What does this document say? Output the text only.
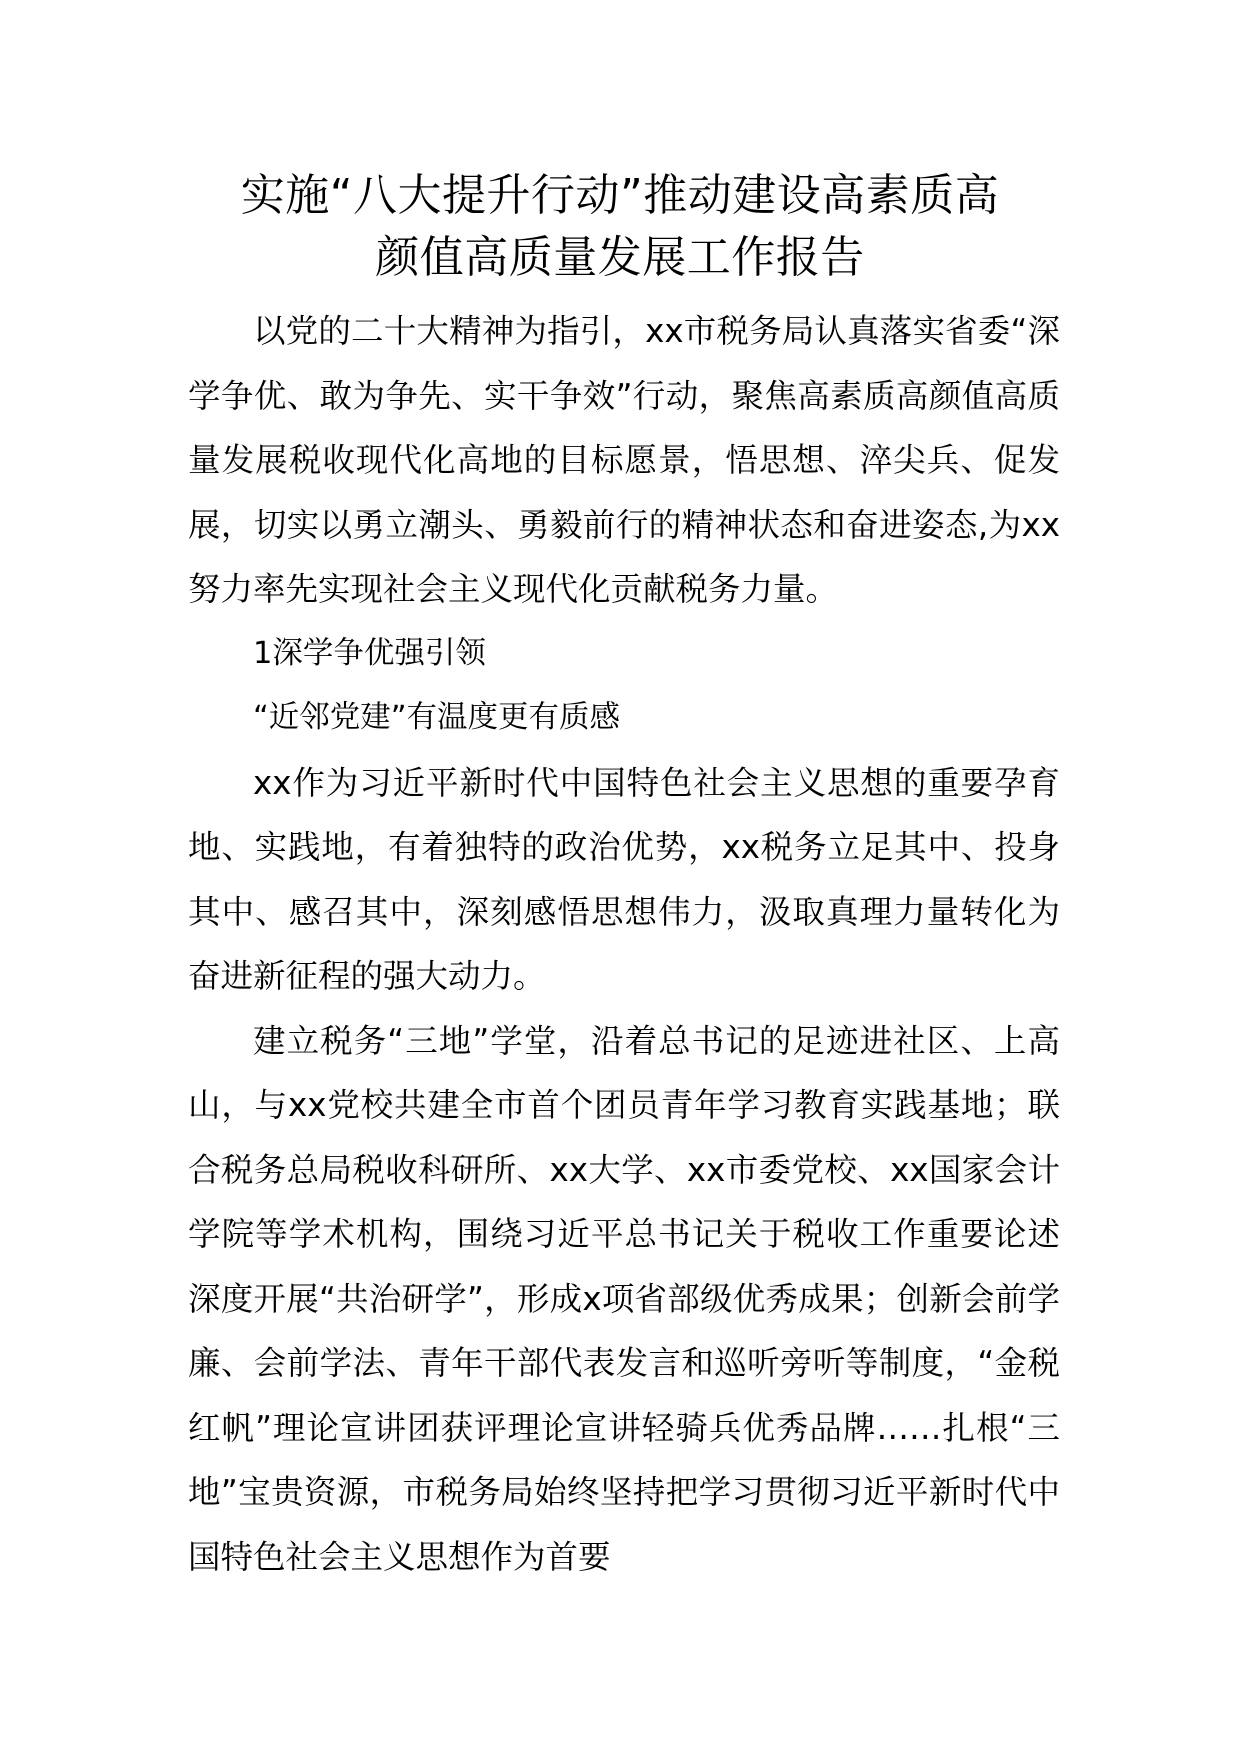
实施“八大提升行动”推动建设高素质高
颜值高质量发展工作报告

以党的二十大精神为指引，xx市税务局认真落实省委“深学争优、敢为争先、实干争效”行动，聚焦高素质高颜值高质量发展税收现代化高地的目标愿景，悟思想、淬尖兵、促发展，切实以勇立潮头、勇毅前行的精神状态和奋进姿态,为xx努力率先实现社会主义现代化贡献税务力量。

1深学争优强引领

“近邻党建”有温度更有质感

xx作为习近平新时代中国特色社会主义思想的重要孕育地、实践地，有着独特的政治优势，xx税务立足其中、投身其中、感召其中，深刻感悟思想伟力，汲取真理力量转化为奋进新征程的强大动力。

建立税务“三地”学堂，沿着总书记的足迹进社区、上高山，与xx党校共建全市首个团员青年学习教育实践基地；联合税务总局税收科研所、xx大学、xx市委党校、xx国家会计学院等学术机构，围绕习近平总书记关于税收工作重要论述深度开展“共治研学”，形成x项省部级优秀成果；创新会前学廉、会前学法、青年干部代表发言和巡听旁听等制度，“金税红帆”理论宣讲团获评理论宣讲轻骑兵优秀品牌……扎根“三地”宝贵资源，市税务局始终坚持把学习贯彻习近平新时代中国特色社会主义思想作为首要
